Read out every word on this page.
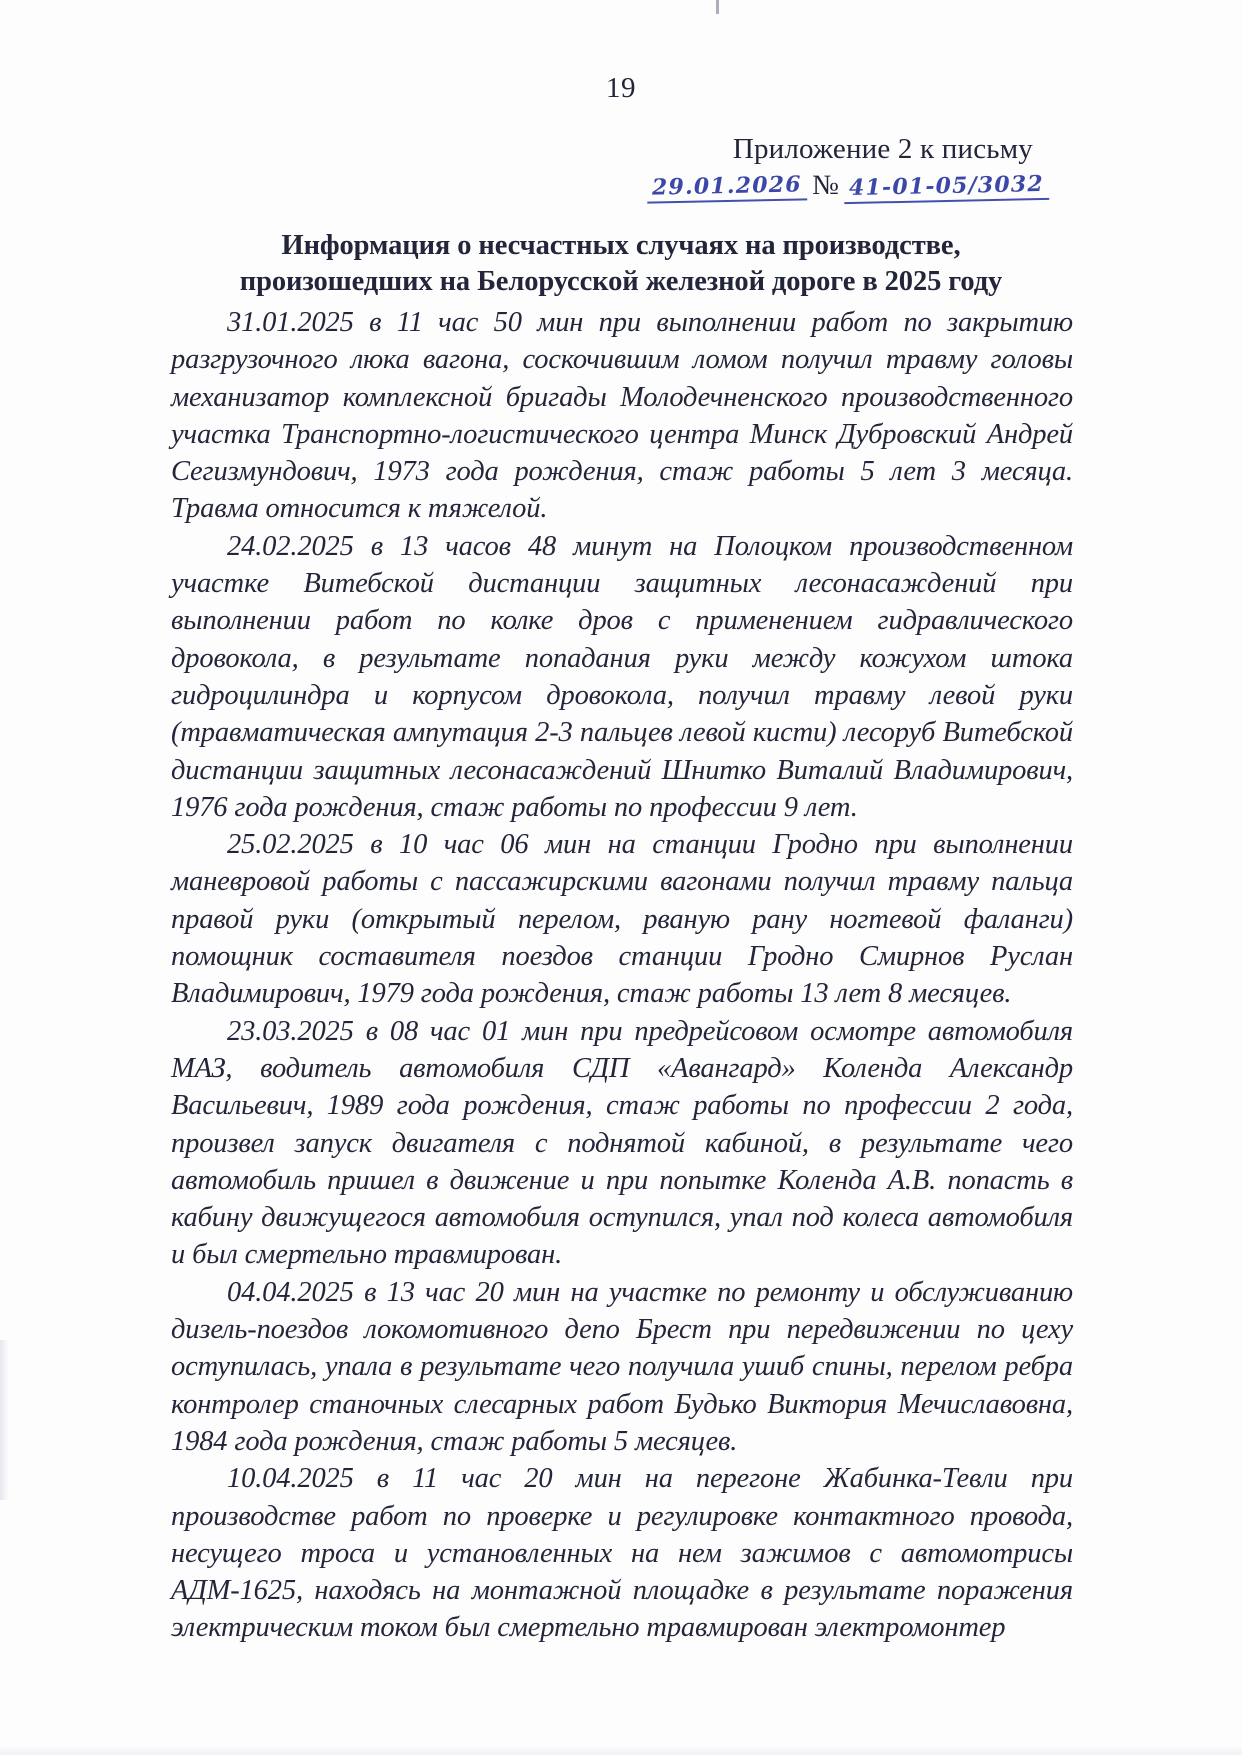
19
Приложение 2 к письму
29.01.2026 № 41-01-05/3032
Информация о несчастных случаях на производстве,
произошедших на Белорусской железной дороге в 2025 году

31.01.2025 в 11 час 50 мин при выполнении работ по закрытию разгрузочного люка вагона, соскочившим ломом получил травму головы механизатор комплексной бригады Молодечненского производственного участка Транспортно-логистического центра Минск Дубровский Андрей Сегизмундович, 1973 года рождения, стаж работы 5 лет 3 месяца. Травма относится к тяжелой.

24.02.2025 в 13 часов 48 минут на Полоцком производственном участке Витебской дистанции защитных лесонасаждений при выполнении работ по колке дров с применением гидравлического дровокола, в результате попадания руки между кожухом штока гидроцилиндра и корпусом дровокола, получил травму левой руки (травматическая ампутация 2-3 пальцев левой кисти) лесоруб Витебской дистанции защитных лесонасаждений Шнитко Виталий Владимирович, 1976 года рождения, стаж работы по профессии 9 лет.

25.02.2025 в 10 час 06 мин на станции Гродно при выполнении маневровой работы с пассажирскими вагонами получил травму пальца правой руки (открытый перелом, рваную рану ногтевой фаланги) помощник составителя поездов станции Гродно Смирнов Руслан Владимирович, 1979 года рождения, стаж работы 13 лет 8 месяцев.

23.03.2025 в 08 час 01 мин при предрейсовом осмотре автомобиля МАЗ, водитель автомобиля СДП «Авангард» Коленда Александр Васильевич, 1989 года рождения, стаж работы по профессии 2 года, произвел запуск двигателя с поднятой кабиной, в результате чего автомобиль пришел в движение и при попытке Коленда А.В. попасть в кабину движущегося автомобиля оступился, упал под колеса автомобиля и был смертельно травмирован.

04.04.2025 в 13 час 20 мин на участке по ремонту и обслуживанию дизель-поездов локомотивного депо Брест при передвижении по цеху оступилась, упала в результате чего получила ушиб спины, перелом ребра контролер станочных слесарных работ Будько Виктория Мечиславовна, 1984 года рождения, стаж работы 5 месяцев.

10.04.2025 в 11 час 20 мин на перегоне Жабинка-Тевли при производстве работ по проверке и регулировке контактного провода, несущего троса и установленных на нем зажимов с автомотрисы АДМ-1625, находясь на монтажной площадке в результате поражения электрическим током был смертельно травмирован электромонтер
